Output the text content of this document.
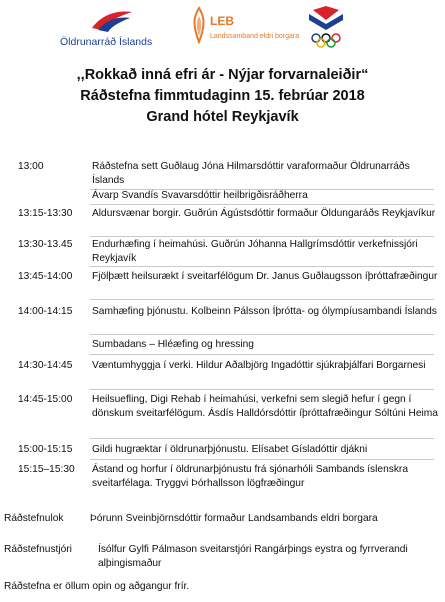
Öldrunarráð Íslands
LEB
Landssamband eldri borgara
,,Rokkað inná efri ár - Nýjar forvarnaleiðir“
Ráðstefna fimmtudaginn 15. febrúar 2018
Grand hótel Reykjavík
13:00	Ráðstefna sett Guðlaug Jóna Hilmarsdóttir varaformaður Öldrunarráðs Íslands
Ávarp Svandís Svavarsdóttir heilbrigðisráðherra
13:15-13:30 Aldursvænar borgir. Guðrún Ágústsdóttir formaður Öldungaráðs Reykjavíkur
13:30-13.45 Endurhæfing í heimahúsi. Guðrún Jóhanna Hallgrímsdóttir verkefnissjóri Reykjavík
13:45-14:00 Fjölþætt heilsurækt í sveitarfélögum Dr. Janus Guðlaugsson íþróttafræðingur
14:00-14:15 Samhæfing þjónustu. Kolbeinn Pálsson Íþrótta- og ólympíusambandi Íslands
Sumbadans – Hléæfing og hressing
14:30-14:45 Væntumhyggja í verki. Hildur Aðalbjörg Ingadóttir sjúkraþjálfari Borgarnesi
14:45-15:00 Heilsuefling, Digi Rehab í heimahúsi, verkefni sem slegið hefur í gegn í dönskum sveitarfélögum. Ásdís Halldórsdóttir íþróttafræðingur Sóltúni Heima
15:00-15:15 Gildi hugræktar í öldrunarþjónustu. Elísabet Gísladóttir djákni
15:15–15:30 Ástand og horfur í öldrunarþjónustu frá sjónarhóli Sambands íslenskra sveitarfélaga. Tryggvi Þórhallsson lögfræðingur
Ráðstefnulok	Þórunn Sveinbjörnsdóttir formaður Landsambands eldri borgara
Ráðstefnustjóri	Ísólfur Gylfi Pálmason sveitarstjóri Rangárþings eystra og fyrrverandi alþingismaður
Ráðstefna er öllum opin og aðgangur frír.
